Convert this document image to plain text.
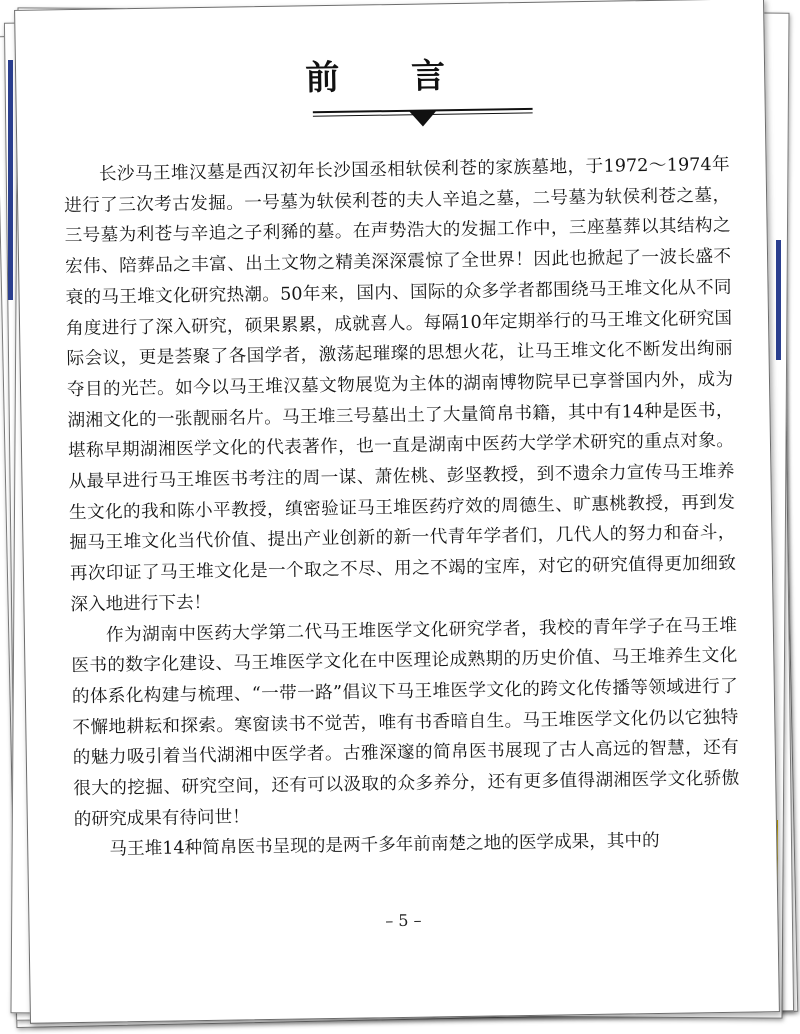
前 言

长沙马王堆汉墓是西汉初年长沙国丞相轪侯利苍的家族墓地，于1972～1974年进行了三次考古发掘。一号墓为轪侯利苍的夫人辛追之墓，二号墓为轪侯利苍之墓，三号墓为利苍与辛追之子利豨的墓。在声势浩大的发掘工作中，三座墓葬以其结构之宏伟、陪葬品之丰富、出土文物之精美深深震惊了全世界！因此也掀起了一波长盛不衰的马王堆文化研究热潮。50年来，国内、国际的众多学者都围绕马王堆文化从不同角度进行了深入研究，硕果累累，成就喜人。每隔10年定期举行的马王堆文化研究国际会议，更是荟聚了各国学者，激荡起璀璨的思想火花，让马王堆文化不断发出绚丽夺目的光芒。如今以马王堆汉墓文物展览为主体的湖南博物院早已享誉国内外，成为湖湘文化的一张靓丽名片。马王堆三号墓出土了大量简帛书籍，其中有14种是医书，堪称早期湖湘医学文化的代表著作，也一直是湖南中医药大学学术研究的重点对象。从最早进行马王堆医书考注的周一谋、萧佐桃、彭坚教授，到不遗余力宣传马王堆养生文化的我和陈小平教授，缜密验证马王堆医药疗效的周德生、旷惠桃教授，再到发掘马王堆文化当代价值、提出产业创新的新一代青年学者们，几代人的努力和奋斗，再次印证了马王堆文化是一个取之不尽、用之不竭的宝库，对它的研究值得更加细致深入地进行下去！

作为湖南中医药大学第二代马王堆医学文化研究学者，我校的青年学子在马王堆医书的数字化建设、马王堆医学文化在中医理论成熟期的历史价值、马王堆养生文化的体系化构建与梳理、“一带一路”倡议下马王堆医学文化的跨文化传播等领域进行了不懈地耕耘和探索。寒窗读书不觉苦，唯有书香暗自生。马王堆医学文化仍以它独特的魅力吸引着当代湖湘中医学者。古雅深邃的简帛医书展现了古人高远的智慧，还有很大的挖掘、研究空间，还有可以汲取的众多养分，还有更多值得湖湘医学文化骄傲的研究成果有待问世！

马王堆14种简帛医书呈现的是两千多年前南楚之地的医学成果，其中的

– 5 –
